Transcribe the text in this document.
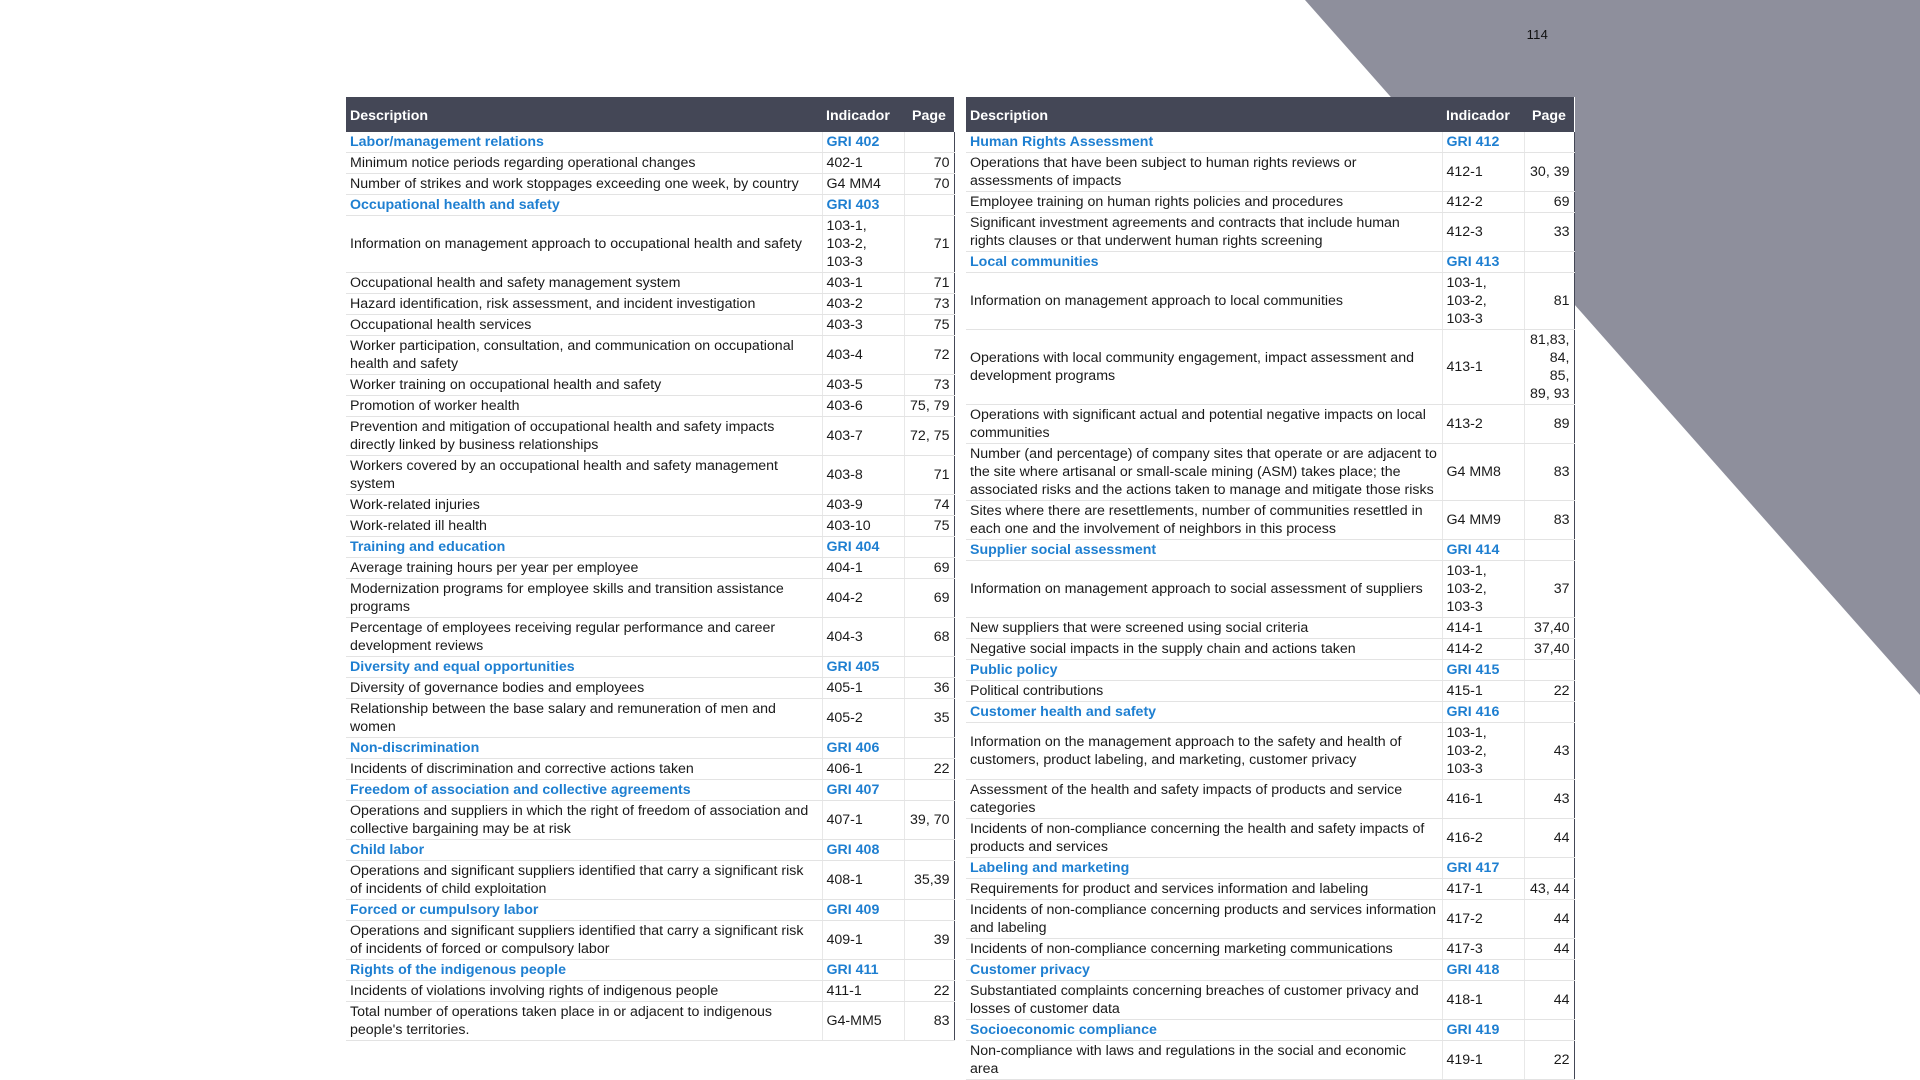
114
Description	Indicador	Page
Labor/management relations	GRI 402	
Minimum notice periods regarding operational changes	402-1	70
Number of strikes and work stoppages exceeding one week, by country	G4 MM4	70
Occupational health and safety	GRI 403	
Information on management approach to occupational health and safety	103-1,
103-2,
103-3	71
Occupational health and safety management system	403-1	71
Hazard identification, risk assessment, and incident investigation	403-2	73
Occupational health services	403-3	75
Worker participation, consultation, and communication on occupational health and safety	403-4	72
Worker training on occupational health and safety	403-5	73
Promotion of worker health	403-6	75, 79
Prevention and mitigation of occupational health and safety impacts directly linked by business relationships	403-7	72, 75
Workers covered by an occupational health and safety management system	403-8	71
Work-related injuries	403-9	74
Work-related ill health	403-10	75
Training and education	GRI 404	
Average training hours per year per employee	404-1	69
Modernization programs for employee skills and transition assistance programs	404-2	69
Percentage of employees receiving regular performance and career development reviews	404-3	68
Diversity and equal opportunities	GRI 405	
Diversity of governance bodies and employees	405-1	36
Relationship between the base salary and remuneration of men and women	405-2	35
Non-discrimination	GRI 406	
Incidents of discrimination and corrective actions taken	406-1	22
Freedom of association and collective agreements	GRI 407	
Operations and suppliers in which the right of freedom of association and collective bargaining may be at risk	407-1	39, 70
Child labor	GRI 408	
Operations and significant suppliers identified that carry a significant risk of incidents of child exploitation	408-1	35,39
Forced or cumpulsory labor	GRI 409	
Operations and significant suppliers identified that carry a significant risk of incidents of forced or compulsory labor	409-1	39
Rights of the indigenous people	GRI 411	
Incidents of violations involving rights of indigenous people	411-1	22
Total number of operations taken place in or adjacent to indigenous people's territories.	G4-MM5	83
Description	Indicador	Page
Human Rights Assessment	GRI 412	
Operations that have been subject to human rights reviews or assessments of impacts	412-1	30, 39
Employee training on human rights policies and procedures	412-2	69
Significant investment agreements and contracts that include human rights clauses or that underwent human rights screening	412-3	33
Local communities	GRI 413	
Information on management approach to local communities	103-1,
103-2,
103-3	81
Operations with local community engagement, impact assessment and development programs	413-1	81,83,
84, 85,
89, 93
Operations with significant actual and potential negative impacts on local communities	413-2	89
Number (and percentage) of company sites that operate or are adjacent to the site where artisanal or small-scale mining (ASM) takes place; the associated risks and the actions taken to manage and mitigate those risks	G4 MM8	83
Sites where there are resettlements, number of communities resettled in each one and the involvement of neighbors in this process	G4 MM9	83
Supplier social assessment	GRI 414	
Information on management approach to social assessment of suppliers	103-1,
103-2,
103-3	37
New suppliers that were screened using social criteria	414-1	37,40
Negative social impacts in the supply chain and actions taken	414-2	37,40
Public policy	GRI 415	
Political contributions	415-1	22
Customer health and safety	GRI 416	
Information on the management approach to the safety and health of customers, product labeling, and marketing, customer privacy	103-1,
103-2,
103-3	43
Assessment of the health and safety impacts of products and service categories	416-1	43
Incidents of non-compliance concerning the health and safety impacts of products and services	416-2	44
Labeling and marketing	GRI 417	
Requirements for product and services information and labeling	417-1	43, 44
Incidents of non-compliance concerning products and services information and labeling	417-2	44
Incidents of non-compliance concerning marketing communications	417-3	44
Customer privacy	GRI 418	
Substantiated complaints concerning breaches of customer privacy and losses of customer data	418-1	44
Socioeconomic compliance	GRI 419	
Non-compliance with laws and regulations in the social and economic area	419-1	22
